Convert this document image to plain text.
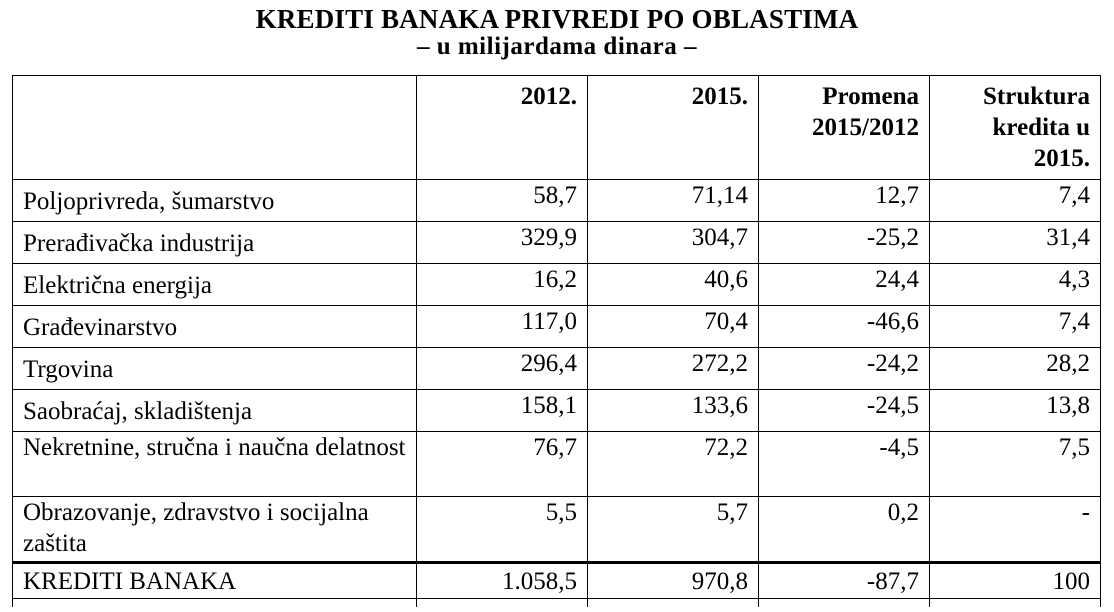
KREDITI BANAKA PRIVREDI PO OBLASTIMA
– u milijardama dinara –
	2012.	2015.	Promena 2015/2012	Struktura kredita u 2015.
Poljoprivreda, šumarstvo	58,7	71,14	12,7	7,4
Prerađivačka industrija	329,9	304,7	-25,2	31,4
Električna energija	16,2	40,6	24,4	4,3
Građevinarstvo	117,0	70,4	-46,6	7,4
Trgovina	296,4	272,2	-24,2	28,2
Saobraćaj, skladištenja	158,1	133,6	-24,5	13,8
Nekretnine, stručna i naučna delatnost	76,7	72,2	-4,5	7,5
Obrazovanje, zdravstvo i socijalna zaštita	5,5	5,7	0,2	-
KREDITI BANAKA	1.058,5	970,8	-87,7	100
